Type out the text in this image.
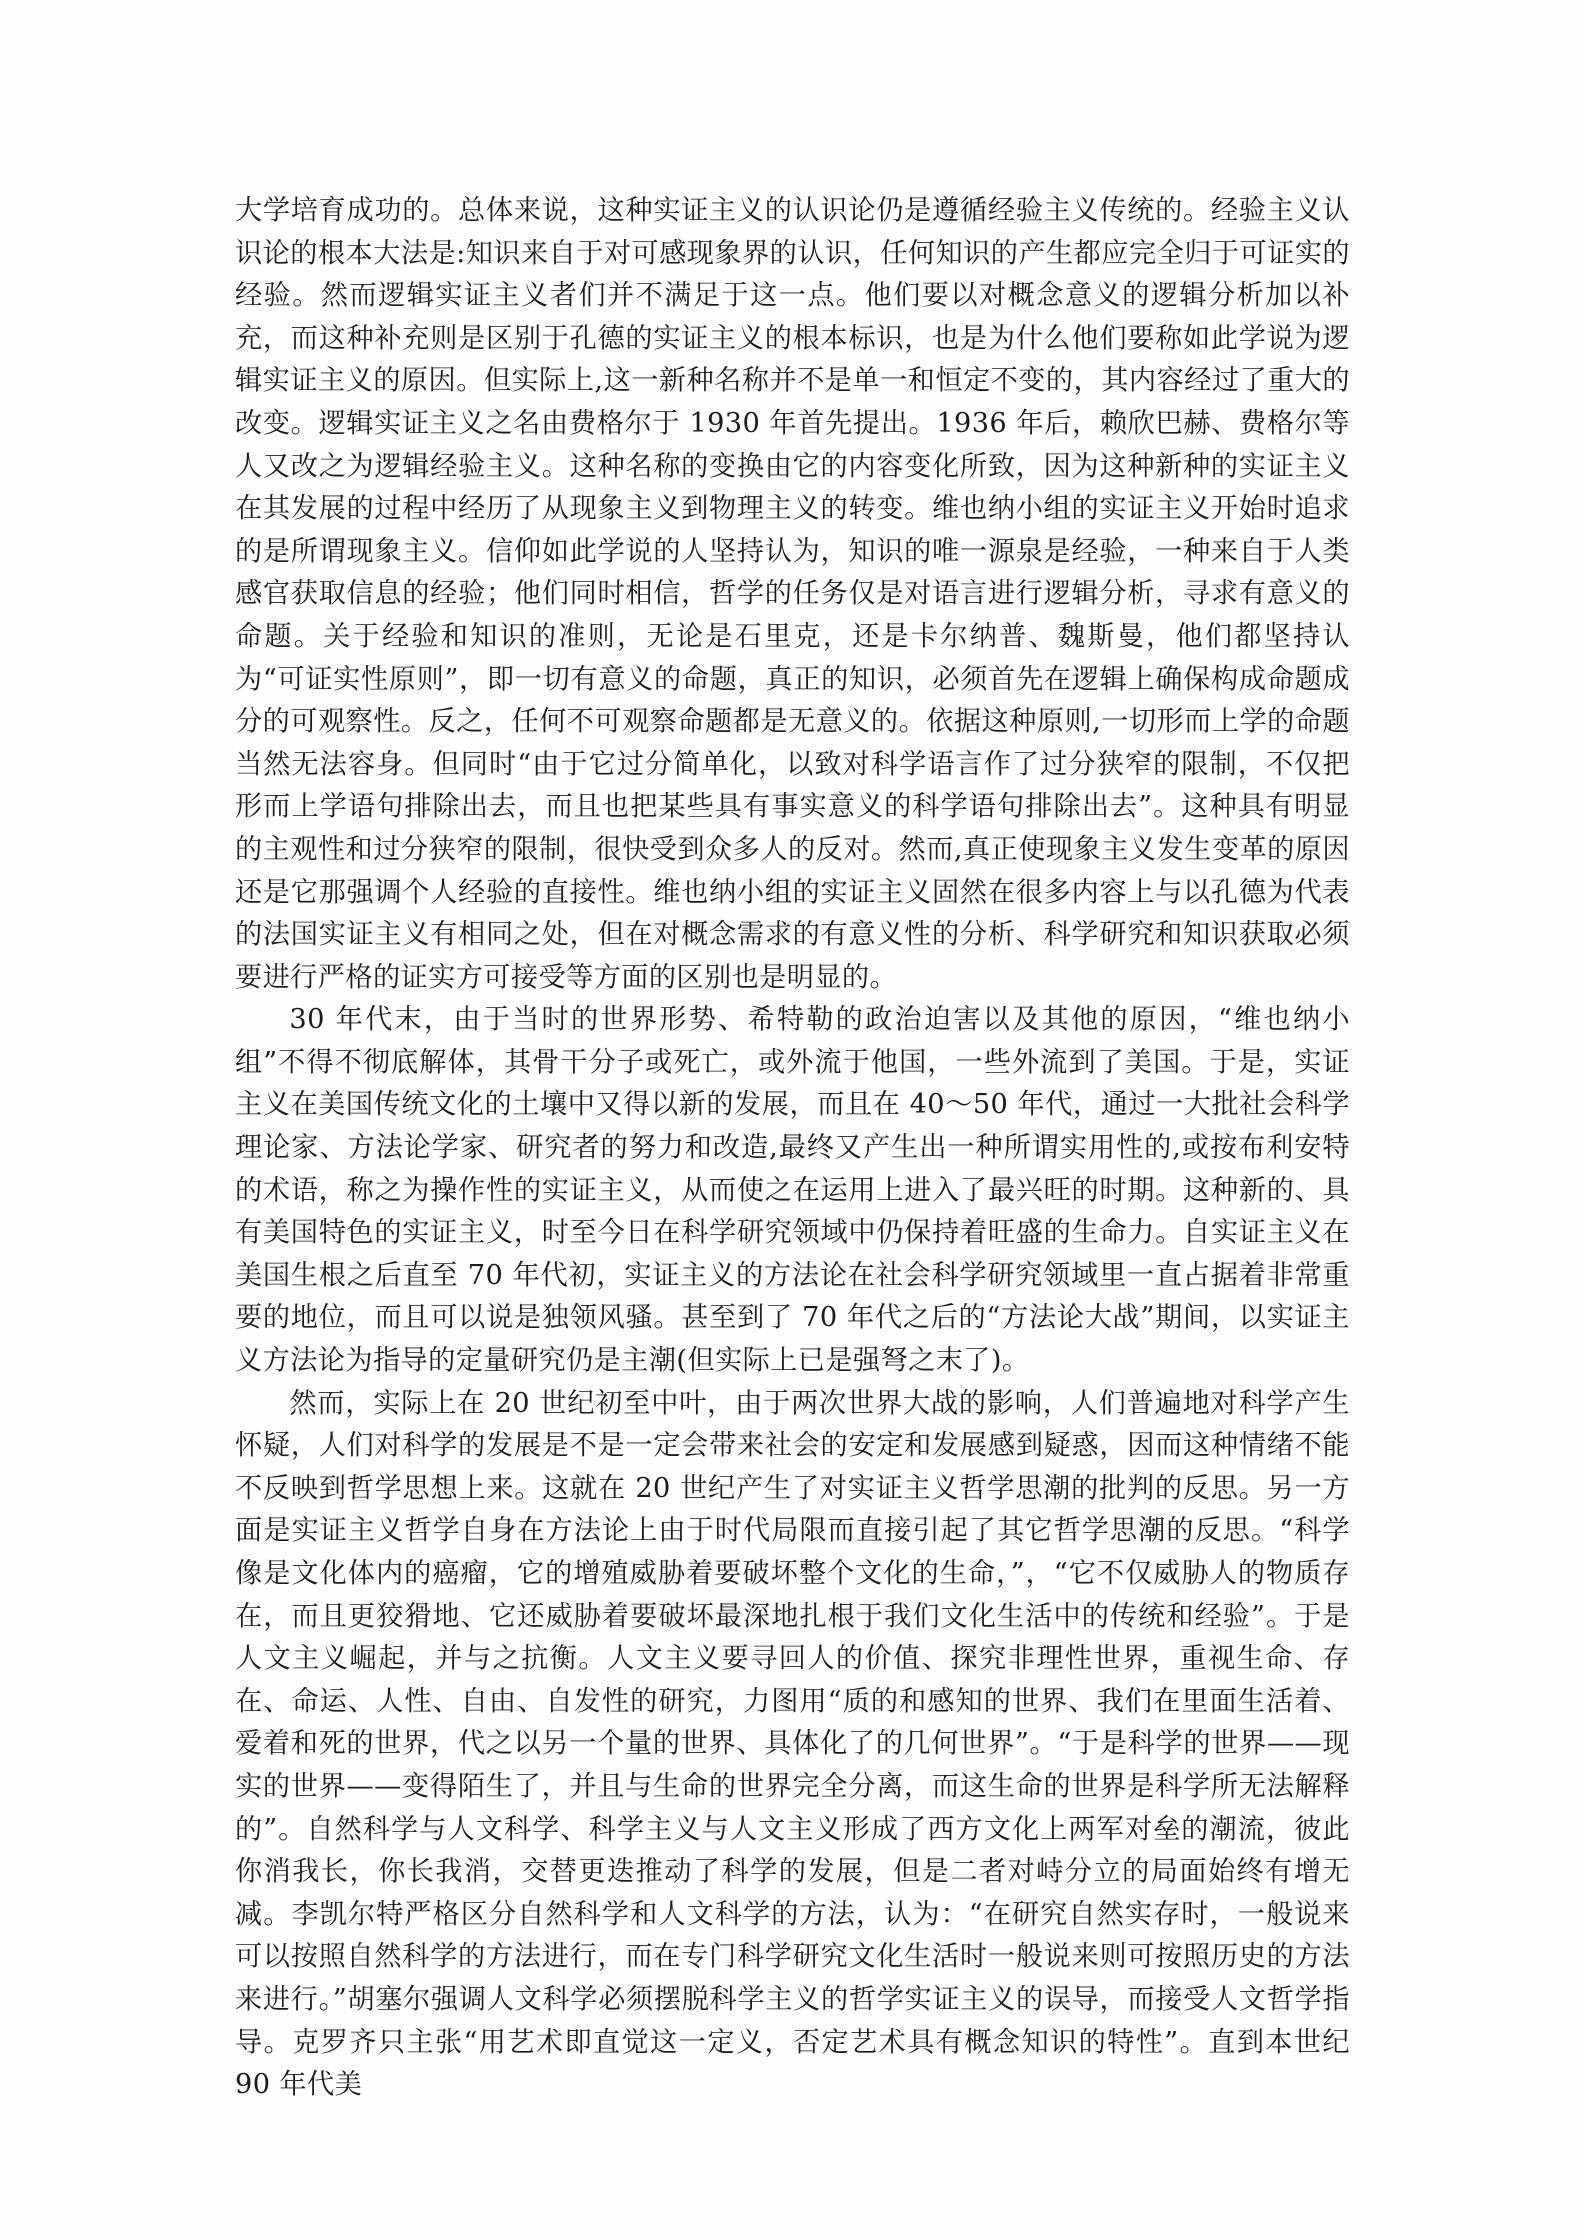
大学培育成功的。总体来说，这种实证主义的认识论仍是遵循经验主义传统的。经验主义认识论的根本大法是:知识来自于对可感现象界的认识，任何知识的产生都应完全归于可证实的经验。然而逻辑实证主义者们并不满足于这一点。他们要以对概念意义的逻辑分析加以补充，而这种补充则是区别于孔德的实证主义的根本标识，也是为什么他们要称如此学说为逻辑实证主义的原因。但实际上,这一新种名称并不是单一和恒定不变的，其内容经过了重大的改变。逻辑实证主义之名由费格尔于 1930 年首先提出。1936 年后，赖欣巴赫、费格尔等人又改之为逻辑经验主义。这种名称的变换由它的内容变化所致，因为这种新种的实证主义在其发展的过程中经历了从现象主义到物理主义的转变。维也纳小组的实证主义开始时追求的是所谓现象主义。信仰如此学说的人坚持认为，知识的唯一源泉是经验，一种来自于人类感官获取信息的经验；他们同时相信，哲学的任务仅是对语言进行逻辑分析，寻求有意义的命题。关于经验和知识的准则，无论是石里克，还是卡尔纳普、魏斯曼，他们都坚持认为“可证实性原则”，即一切有意义的命题，真正的知识，必须首先在逻辑上确保构成命题成分的可观察性。反之，任何不可观察命题都是无意义的。依据这种原则,一切形而上学的命题当然无法容身。但同时“由于它过分简单化，以致对科学语言作了过分狭窄的限制，不仅把形而上学语句排除出去，而且也把某些具有事实意义的科学语句排除出去”。这种具有明显的主观性和过分狭窄的限制，很快受到众多人的反对。然而,真正使现象主义发生变革的原因还是它那强调个人经验的直接性。维也纳小组的实证主义固然在很多内容上与以孔德为代表的法国实证主义有相同之处，但在对概念需求的有意义性的分析、科学研究和知识获取必须要进行严格的证实方可接受等方面的区别也是明显的。

30 年代末，由于当时的世界形势、希特勒的政治迫害以及其他的原因，“维也纳小组”不得不彻底解体，其骨干分子或死亡，或外流于他国，一些外流到了美国。于是，实证主义在美国传统文化的土壤中又得以新的发展，而且在 40～50 年代，通过一大批社会科学理论家、方法论学家、研究者的努力和改造,最终又产生出一种所谓实用性的,或按布利安特的术语，称之为操作性的实证主义，从而使之在运用上进入了最兴旺的时期。这种新的、具有美国特色的实证主义，时至今日在科学研究领域中仍保持着旺盛的生命力。自实证主义在美国生根之后直至 70 年代初，实证主义的方法论在社会科学研究领域里一直占据着非常重要的地位，而且可以说是独领风骚。甚至到了 70 年代之后的“方法论大战”期间，以实证主义方法论为指导的定量研究仍是主潮(但实际上已是强弩之末了)。

然而，实际上在 20 世纪初至中叶，由于两次世界大战的影响，人们普遍地对科学产生怀疑，人们对科学的发展是不是一定会带来社会的安定和发展感到疑惑，因而这种情绪不能不反映到哲学思想上来。这就在 20 世纪产生了对实证主义哲学思潮的批判的反思。另一方面是实证主义哲学自身在方法论上由于时代局限而直接引起了其它哲学思潮的反思。“科学像是文化体内的癌瘤，它的增殖威胁着要破坏整个文化的生命，”，“它不仅威胁人的物质存在，而且更狡猾地、它还威胁着要破坏最深地扎根于我们文化生活中的传统和经验”。于是人文主义崛起，并与之抗衡。人文主义要寻回人的价值、探究非理性世界，重视生命、存在、命运、人性、自由、自发性的研究，力图用“质的和感知的世界、我们在里面生活着、爱着和死的世界，代之以另一个量的世界、具体化了的几何世界”。“于是科学的世界——现实的世界——变得陌生了，并且与生命的世界完全分离，而这生命的世界是科学所无法解释的”。自然科学与人文科学、科学主义与人文主义形成了西方文化上两军对垒的潮流，彼此你消我长，你长我消，交替更迭推动了科学的发展，但是二者对峙分立的局面始终有增无减。李凯尔特严格区分自然科学和人文科学的方法，认为：“在研究自然实存时，一般说来可以按照自然科学的方法进行，而在专门科学研究文化生活时一般说来则可按照历史的方法来进行。”胡塞尔强调人文科学必须摆脱科学主义的哲学实证主义的误导，而接受人文哲学指导。克罗齐只主张“用艺术即直觉这一定义，否定艺术具有概念知识的特性”。直到本世纪 90 年代美
